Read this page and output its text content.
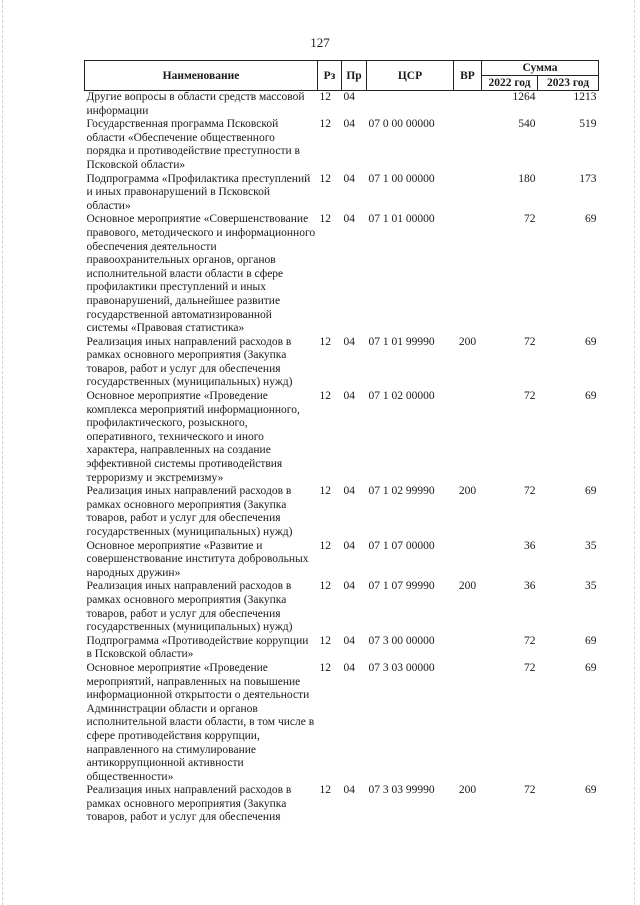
127
Наименование	Рз	Пр	ЦСР	ВР	Сумма	
					2022 год	2023 год
Другие вопросы в области средств массовой информации	12	04			1264	1213
Государственная программа Псковской области «Обеспечение общественного порядка и противодействие преступности в Псковской области»	12	04	07 0 00 00000		540	519
Подпрограмма «Профилактика преступлений и иных правонарушений в Псковской области»	12	04	07 1 00 00000		180	173
Основное мероприятие «Совершенствование правового, методического и информационного обеспечения деятельности правоохранительных органов, органов исполнительной власти области в сфере профилактики преступлений и иных правонарушений, дальнейшее развитие государственной автоматизированной системы «Правовая статистика»	12	04	07 1 01 00000		72	69
Реализация иных направлений расходов в рамках основного мероприятия (Закупка товаров, работ и услуг для обеспечения государственных (муниципальных) нужд)	12	04	07 1 01 99990	200	72	69
Основное мероприятие «Проведение комплекса мероприятий информационного, профилактического, розыскного, оперативного, технического и иного характера, направленных на создание эффективной системы противодействия терроризму и экстремизму»	12	04	07 1 02 00000		72	69
Реализация иных направлений расходов в рамках основного мероприятия (Закупка товаров, работ и услуг для обеспечения государственных (муниципальных) нужд)	12	04	07 1 02 99990	200	72	69
Основное мероприятие «Развитие и совершенствование института добровольных народных дружин»	12	04	07 1 07 00000		36	35
Реализация иных направлений расходов в рамках основного мероприятия (Закупка товаров, работ и услуг для обеспечения государственных (муниципальных) нужд)	12	04	07 1 07 99990	200	36	35
Подпрограмма «Противодействие коррупции в Псковской области»	12	04	07 3 00 00000		72	69
Основное мероприятие «Проведение мероприятий, направленных на повышение информационной открытости о деятельности Администрации области и органов исполнительной власти области, в том числе в сфере противодействия коррупции, направленного на стимулирование антикоррупционной активности общественности»	12	04	07 3 03 00000		72	69
Реализация иных направлений расходов в рамках основного мероприятия (Закупка товаров, работ и услуг для обеспечения	12	04	07 3 03 99990	200	72	69
